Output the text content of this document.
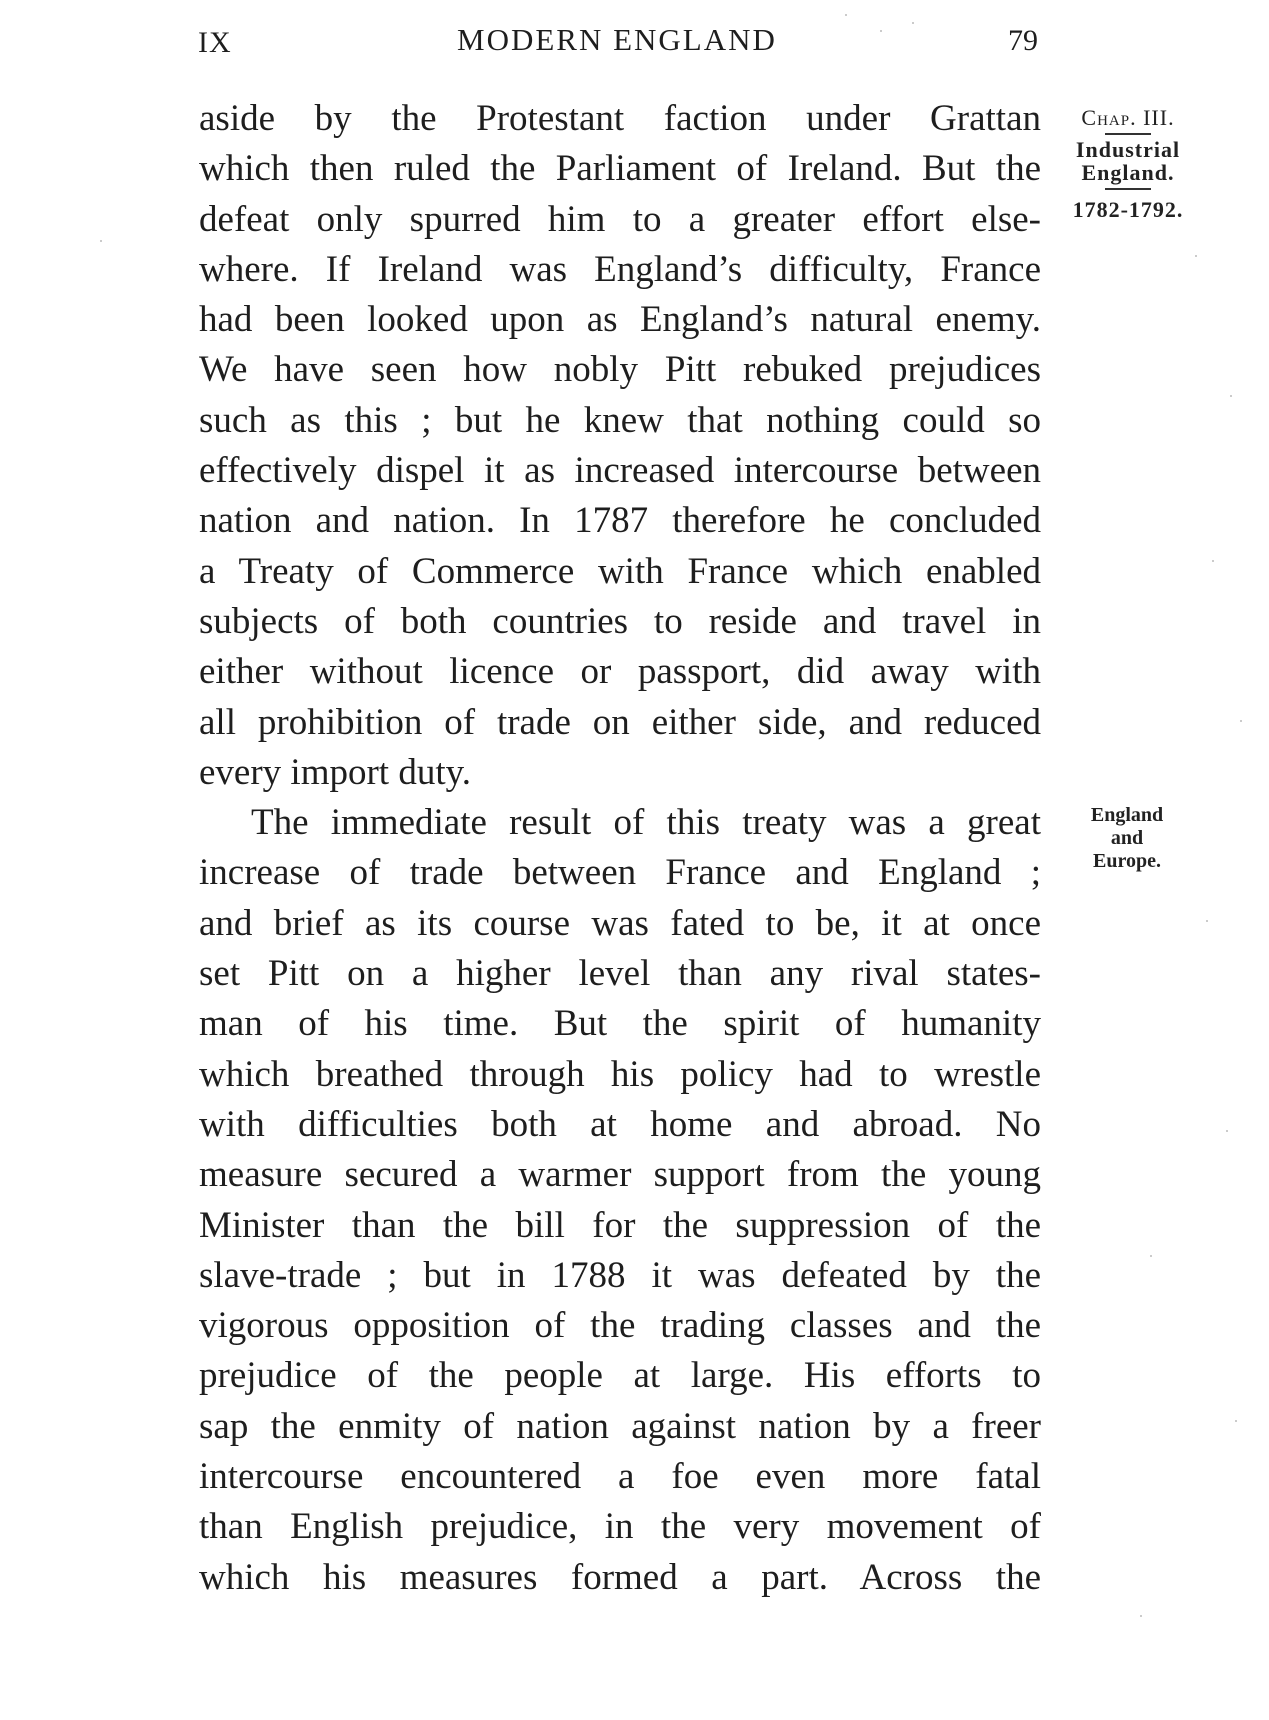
IX	MODERN ENGLAND	79
Chap. III.
Industrial
England.
1782-1792.
England
and
Europe.
aside by the Protestant faction under Grattan
which then ruled the Parliament of Ireland. But the
defeat only spurred him to a greater effort else-
where. If Ireland was England’s difficulty, France
had been looked upon as England’s natural enemy.
We have seen how nobly Pitt rebuked prejudices
such as this ; but he knew that nothing could so
effectively dispel it as increased intercourse between
nation and nation. In 1787 therefore he concluded
a Treaty of Commerce with France which enabled
subjects of both countries to reside and travel in
either without licence or passport, did away with
all prohibition of trade on either side, and reduced
every import duty.
The immediate result of this treaty was a great
increase of trade between France and England ;
and brief as its course was fated to be, it at once
set Pitt on a higher level than any rival states-
man of his time. But the spirit of humanity
which breathed through his policy had to wrestle
with difficulties both at home and abroad. No
measure secured a warmer support from the young
Minister than the bill for the suppression of the
slave-trade ; but in 1788 it was defeated by the
vigorous opposition of the trading classes and the
prejudice of the people at large. His efforts to
sap the enmity of nation against nation by a freer
intercourse encountered a foe even more fatal
than English prejudice, in the very movement of
which his measures formed a part. Across the
